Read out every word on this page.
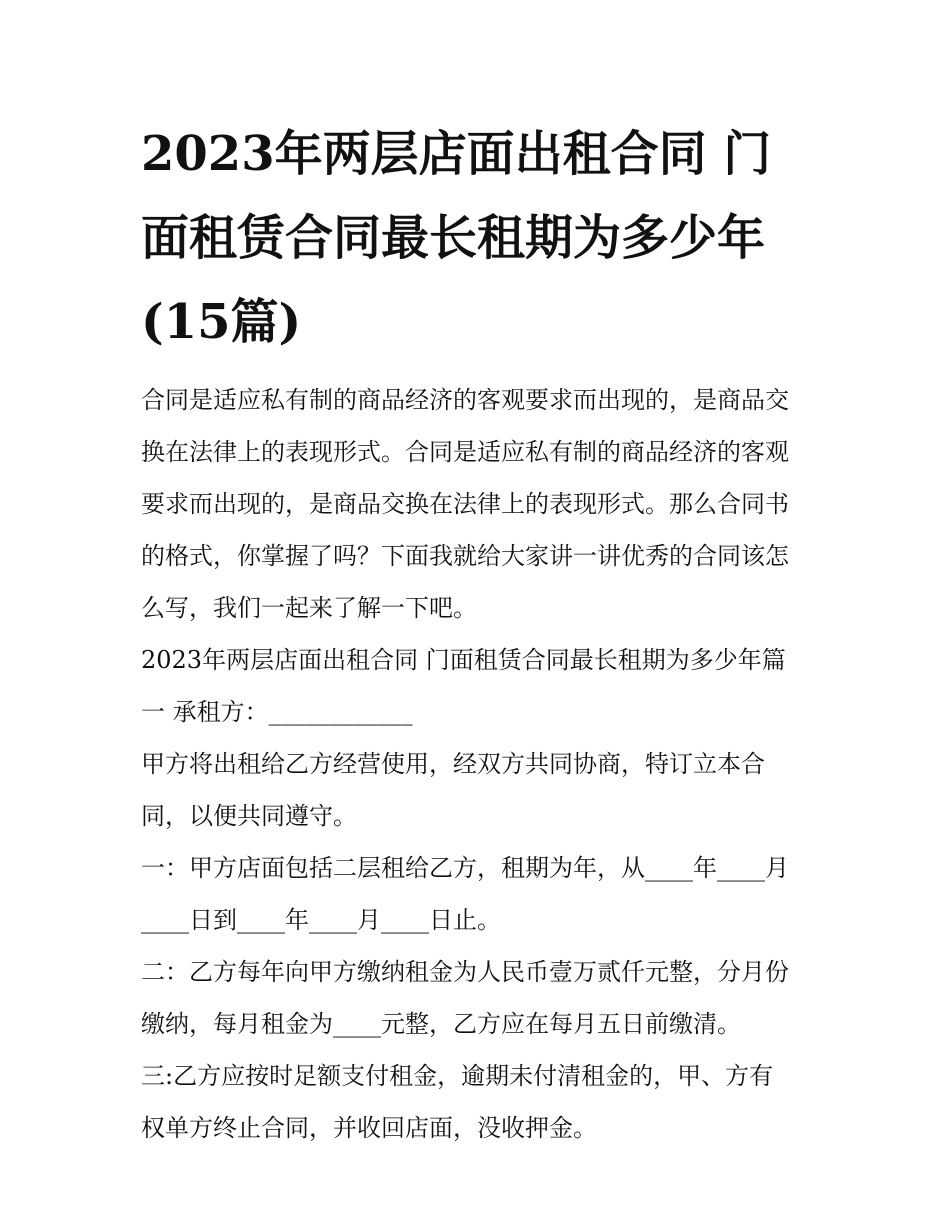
2023年两层店面出租合同 门
面租赁合同最长租期为多少年
(15篇)
合同是适应私有制的商品经济的客观要求而出现的，是商品交
换在法律上的表现形式。合同是适应私有制的商品经济的客观
要求而出现的，是商品交换在法律上的表现形式。那么合同书
的格式，你掌握了吗？下面我就给大家讲一讲优秀的合同该怎
么写，我们一起来了解一下吧。
2023年两层店面出租合同 门面租赁合同最长租期为多少年篇
一 承租方：____________
甲方将出租给乙方经营使用，经双方共同协商，特订立本合
同，以便共同遵守。
一：甲方店面包括二层租给乙方，租期为年，从____年____月
____日到____年____月____日止。
二：乙方每年向甲方缴纳租金为人民币壹万贰仟元整，分月份
缴纳，每月租金为____元整，乙方应在每月五日前缴清。
三:乙方应按时足额支付租金，逾期未付清租金的，甲、方有
权单方终止合同，并收回店面，没收押金。
